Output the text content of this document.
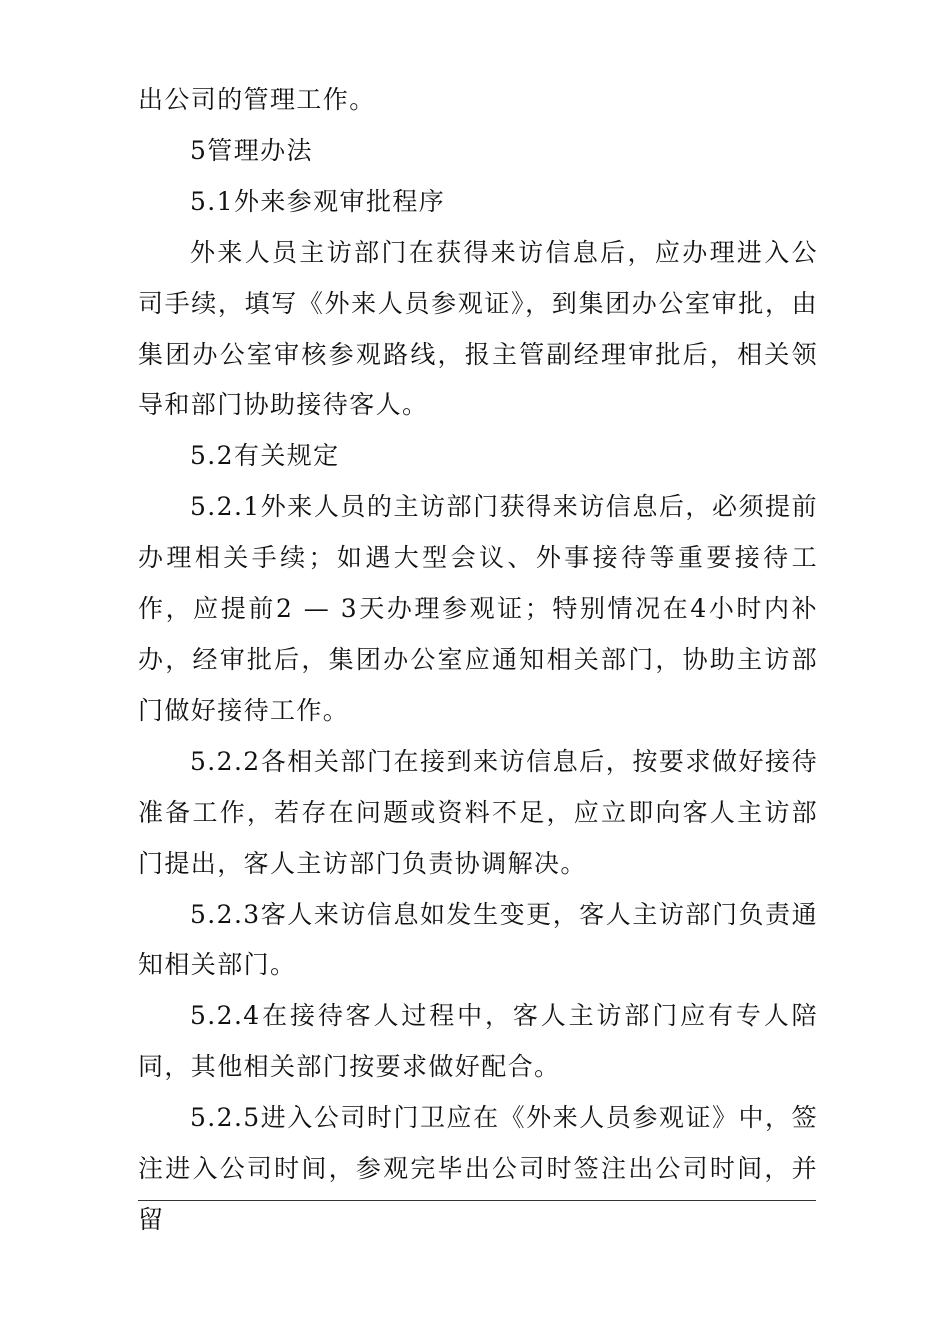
出公司的管理工作。

5管理办法

5.1外来参观审批程序

外来人员主访部门在获得来访信息后，应办理进入公司手续，填写《外来人员参观证》，到集团办公室审批，由集团办公室审核参观路线，报主管副经理审批后，相关领导和部门协助接待客人。

5.2有关规定

5.2.1外来人员的主访部门获得来访信息后，必须提前办理相关手续；如遇大型会议、外事接待等重要接待工作，应提前2 — 3天办理参观证；特别情况在4小时内补办，经审批后，集团办公室应通知相关部门，协助主访部门做好接待工作。

5.2.2各相关部门在接到来访信息后，按要求做好接待准备工作，若存在问题或资料不足，应立即向客人主访部门提出，客人主访部门负责协调解决。

5.2.3客人来访信息如发生变更，客人主访部门负责通知相关部门。

5.2.4在接待客人过程中，客人主访部门应有专人陪同，其他相关部门按要求做好配合。

5.2.5进入公司时门卫应在《外来人员参观证》中，签注进入公司时间，参观完毕出公司时签注出公司时间，并留
